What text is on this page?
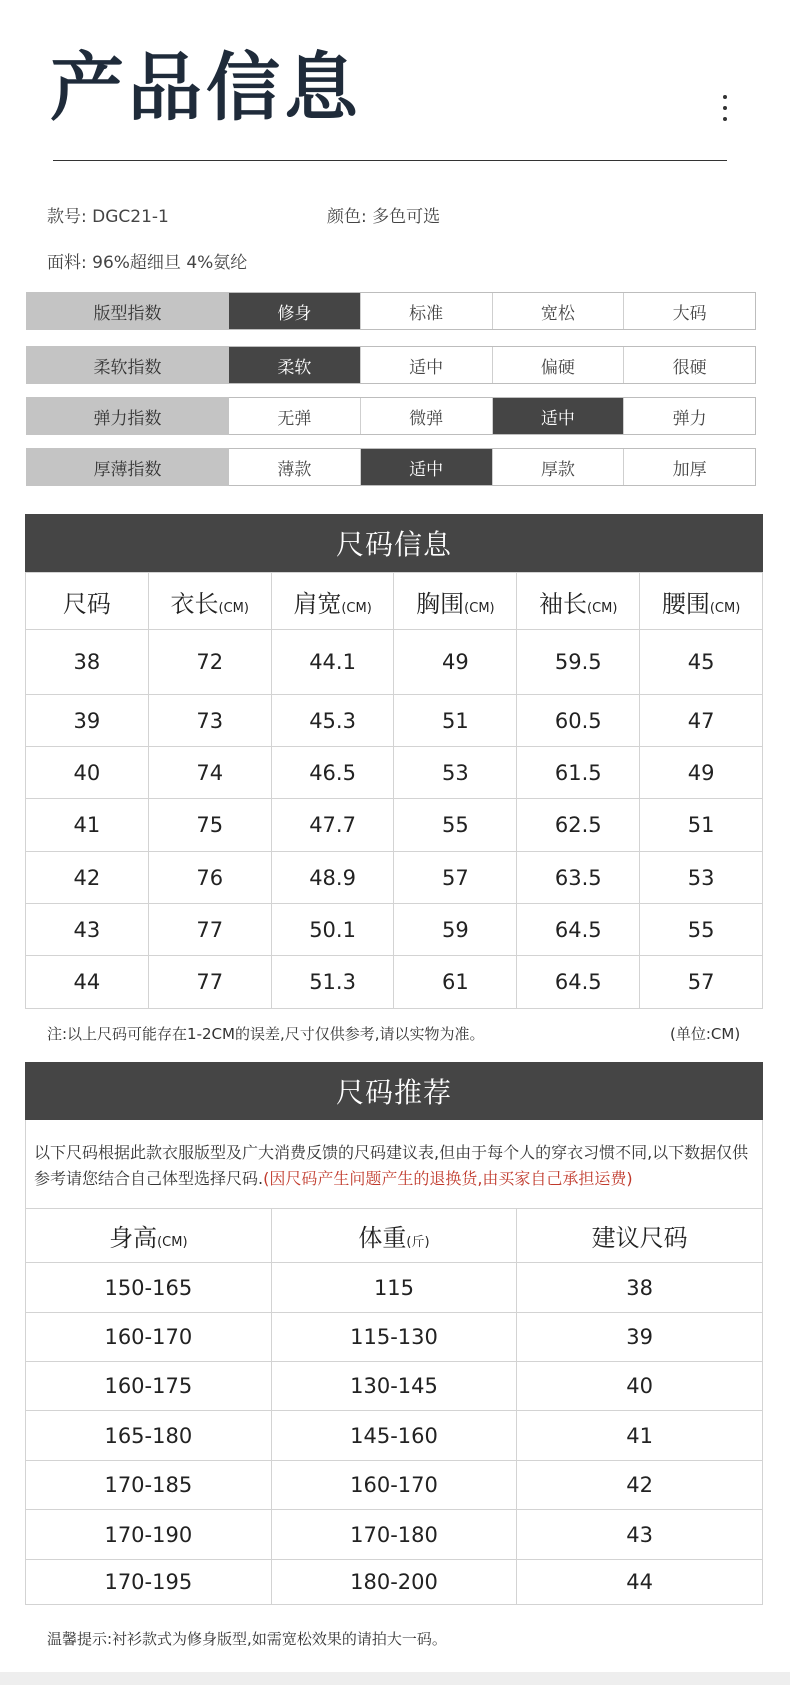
产品信息
款号: DGC21-1	颜色: 多色可选
面料: 96%超细旦 4%氨纶
版型指数	修身	标准	宽松	大码
柔软指数	柔软	适中	偏硬	很硬
弹力指数	无弹	微弹	适中	弹力
厚薄指数	薄款	适中	厚款	加厚
尺码信息
尺码	衣长(CM)	肩宽(CM)	胸围(CM)	袖长(CM)	腰围(CM)
38	72	44.1	49	59.5	45
39	73	45.3	51	60.5	47
40	74	46.5	53	61.5	49
41	75	47.7	55	62.5	51
42	76	48.9	57	63.5	53
43	77	50.1	59	64.5	55
44	77	51.3	61	64.5	57
注:以上尺码可能存在1-2CM的误差,尺寸仅供参考,请以实物为准。	(单位:CM)
尺码推荐
以下尺码根据此款衣服版型及广大消费反馈的尺码建议表,但由于每个人的穿衣习惯不同,以下数据仅供参考请您结合自己体型选择尺码.(因尺码产生问题产生的退换货,由买家自己承担运费)
身高(CM)	体重(斤)	建议尺码
150-165	115	38
160-170	115-130	39
160-175	130-145	40
165-180	145-160	41
170-185	160-170	42
170-190	170-180	43
170-195	180-200	44
温馨提示:衬衫款式为修身版型,如需宽松效果的请拍大一码。
